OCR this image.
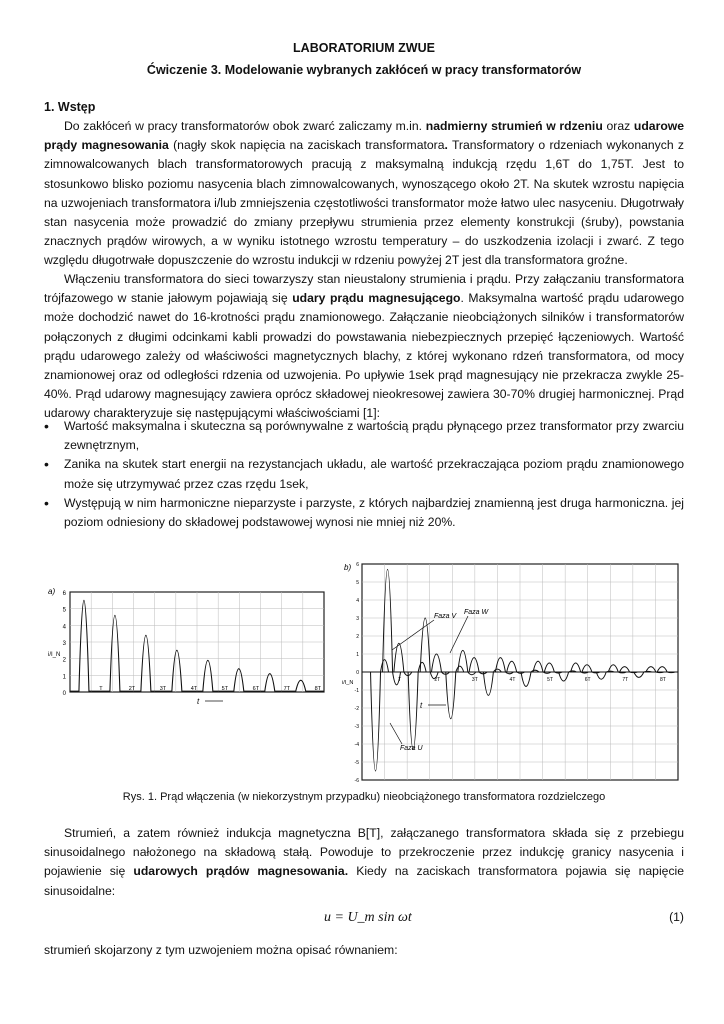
LABORATORIUM ZWUE
Ćwiczenie 3. Modelowanie wybranych zakłóceń w pracy transformatorów
1. Wstęp
Do zakłóceń w pracy transformatorów obok zwarć zaliczamy m.in. nadmierny strumień w rdzeniu oraz udarowe prądy magnesowania (nagły skok napięcia na zaciskach transformatora. Transformatory o rdzeniach wykonanych z zimnowalcowanych blach transformatorowych pracują z maksymalną indukcją rzędu 1,6T do 1,75T. Jest to stosunkowo blisko poziomu nasycenia blach zimnowalcowanych, wynoszącego około 2T. Na skutek wzrostu napięcia na uzwojeniach transformatora i/lub zmniejszenia częstotliwości transformator może łatwo ulec nasyceniu. Długotrwały stan nasycenia może prowadzić do zmiany przepływu strumienia przez elementy konstrukcji (śruby), powstania znacznych prądów wirowych, a w wyniku istotnego wzrostu temperatury – do uszkodzenia izolacji i zwarć. Z tego względu długotrwałe dopuszczenie do wzrostu indukcji w rdzeniu powyżej 2T jest dla transformatora groźne.
Włączeniu transformatora do sieci towarzyszy stan nieustalony strumienia i prądu. Przy załączaniu transformatora trójfazowego w stanie jałowym pojawiają się udary prądu magnesującego. Maksymalna wartość prądu udarowego może dochodzić nawet do 16-krotności prądu znamionowego. Załączanie nieobciążonych silników i transformatorów połączonych z długimi odcinkami kabli prowadzi do powstawania niebezpiecznych przepięć łączeniowych. Wartość prądu udarowego zależy od właściwości magnetycznych blachy, z której wykonano rdzeń transformatora, od mocy znamionowej oraz od odległości rdzenia od uzwojenia. Po upływie 1sek prąd magnesujący nie przekracza zwykle 25-40%. Prąd udarowy magnesujący zawiera oprócz składowej nieokresowej zawiera 30-70% drugiej harmonicznej. Prąd udarowy charakteryzuje się następującymi właściwościami [1]:
• Wartość maksymalna i skuteczna są porównywalne z wartością prądu płynącego przez transformator przy zwarciu zewnętrznym,
• Zanika na skutek start energii na rezystancjach układu, ale wartość przekraczająca poziom prądu znamionowego może się utrzymywać przez czas rzędu 1sek,
• Występują w nim harmoniczne nieparzyste i parzyste, z których najbardziej znamienną jest druga harmoniczna. jej poziom odniesiony do składowej podstawowej wynosi nie mniej niż 20%.
6
5
4
3
2
1
0
T	2T	3T	4T	5T	6T	7T	8T
a)
i/I_N
t
6
5
4
3
2
1
0
-1
-2
-3
-4
-5
-6
T	2T	3T	4T	5T	6T	7T	8T
b)
i/I_N
t
Faza V
Faza W
Faza U
Rys. 1. Prąd włączenia (w niekorzystnym przypadku) nieobciążonego transformatora rozdzielczego
Strumień, a zatem również indukcja magnetyczna B[T], załączanego transformatora składa się z przebiegu sinusoidalnego nałożonego na składową stałą. Powoduje to przekroczenie przez indukcję granicy nasycenia i pojawienie się udarowych prądów magnesowania. Kiedy na zaciskach transformatora pojawia się napięcie sinusoidalne:
u = U_m sin ωt	(1)
strumień skojarzony z tym uzwojeniem można opisać równaniem:
